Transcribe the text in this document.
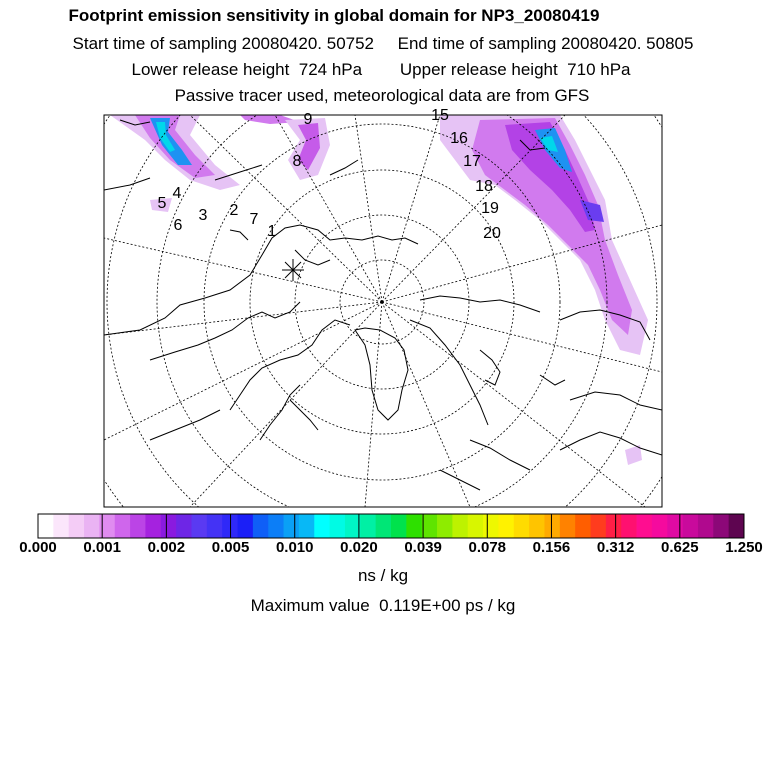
Footprint emission sensitivity in global domain for NP3_20080419
Start time of sampling 20080420. 50752     End time of sampling 20080420. 50805
Lower release height  724 hPa        Upper release height  710 hPa
Passive tracer used, meteorological data are from GFS
1
2
3
4
5
6	7
8
9	15
16
17
18
19
20
0.000 0.001 0.002 0.005 0.010 0.020 0.039 0.078 0.156 0.312 0.625 1.250
ns / kg
Maximum value  0.119E+00 ps / kg
